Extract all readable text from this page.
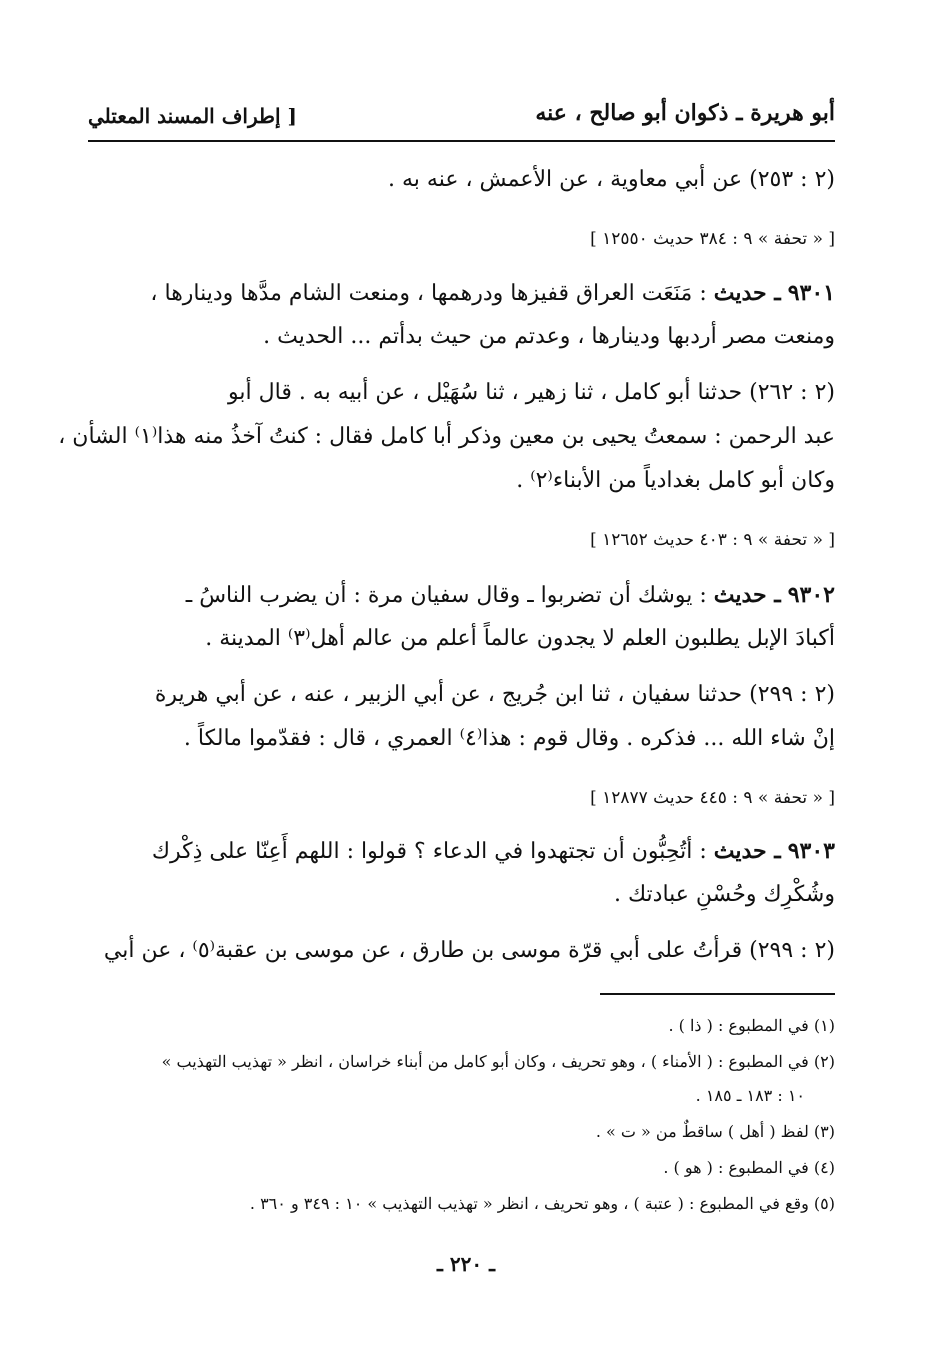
أبو هريرة ـ ذكوان أبو صالح ، عنه
[ إطراف المسند المعتلي
(٢ : ٢٥٣) عن أبي معاوية ، عن الأعمش ، عنه به .
[ « تحفة » ٩ : ٣٨٤ حديث ١٢٥٥٠ ]
٩٣٠١ ـ حديث : مَنَعَت العراق قفيزها ودرهمها ، ومنعت الشام مدَّها ودينارها ،
ومنعت مصر أردبها ودينارها ، وعدتم من حيث بدأتم ... الحديث .
(٢ : ٢٦٢) حدثنا أبو كامل ، ثنا زهير ، ثنا سُهَيْل ، عن أبيه به . قال أبو
عبد الرحمن : سمعتُ يحيى بن معين وذكر أبا كامل فقال : كنتُ آخذُ منه هذا⁽١⁾ الشأن ،
وكان أبو كامل بغدادياً من الأبناء⁽٢⁾ .
[ « تحفة » ٩ : ٤٠٣ حديث ١٢٦٥٢ ]
٩٣٠٢ ـ حديث : يوشك أن تضربوا ـ وقال سفيان مرة : أن يضرب الناسُ ـ
أكبادَ الإبل يطلبون العلم لا يجدون عالماً أعلم من عالم أهل⁽٣⁾ المدينة .
(٢ : ٢٩٩) حدثنا سفيان ، ثنا ابن جُريج ، عن أبي الزبير ، عنه ، عن أبي هريرة
إنْ شاء الله ... فذكره . وقال قوم : هذا⁽٤⁾ العمري ، قال : فقدّموا مالكاً .
[ « تحفة » ٩ : ٤٤٥ حديث ١٢٨٧٧ ]
٩٣٠٣ ـ حديث : أتُحِبُّون أن تجتهدوا في الدعاء ؟ قولوا : اللهم أَعِنّا على ذِكْرك
وشُكْرِك وحُسْنِ عبادتك .
(٢ : ٢٩٩) قرأتُ على أبي قرّة موسى بن طارق ، عن موسى بن عقبة⁽٥⁾ ، عن أبي
(١) في المطبوع : ( ذا ) .
(٢) في المطبوع : ( الأمناء ) ، وهو تحريف ، وكان أبو كامل من أبناء خراسان ، انظر « تهذيب التهذيب »
١٠ : ١٨٣ ـ ١٨٥ .
(٣) لفظ ( أهل ) ساقطٌ من « ت » .
(٤) في المطبوع : ( هو ) .
(٥) وقع في المطبوع : ( عتبة ) ، وهو تحريف ، انظر « تهذيب التهذيب » ١٠ : ٣٤٩ و ٣٦٠ .
ـ ٢٢٠ ـ
